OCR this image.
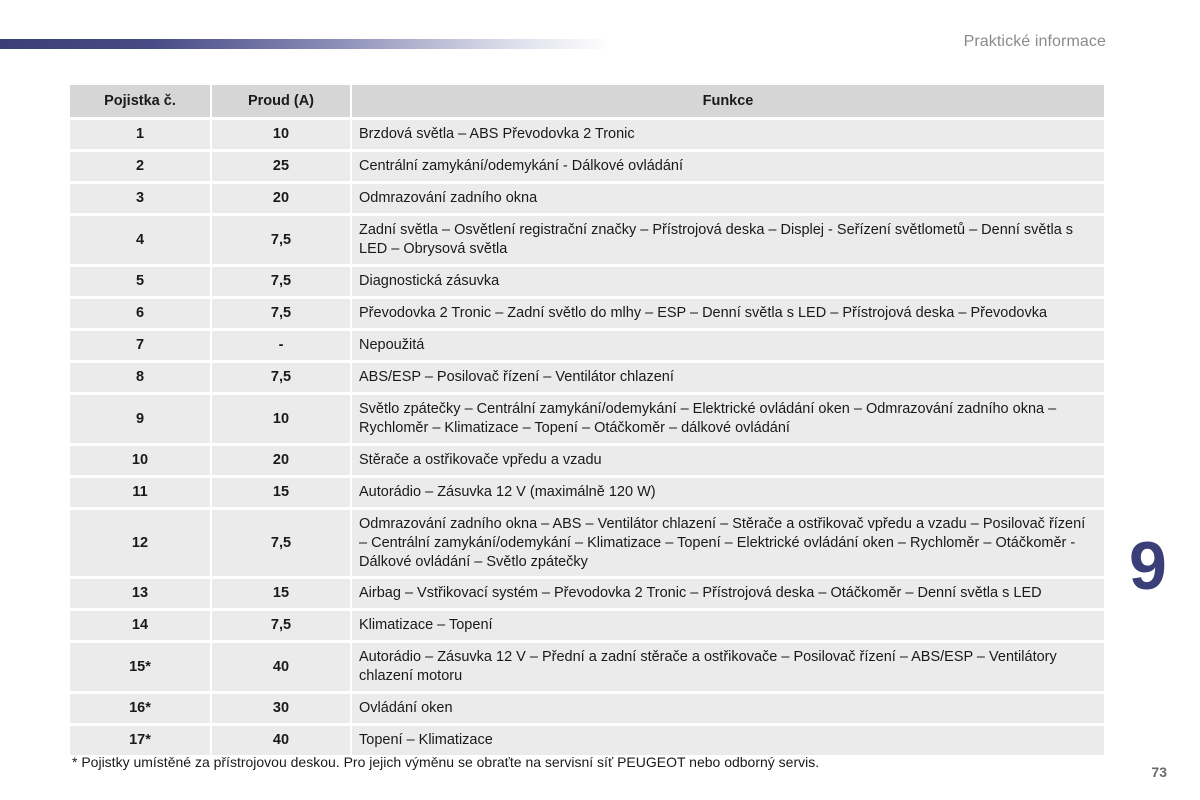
Praktické informace
Pojistka č.	Proud (A)	Funkce
1	10	Brzdová světla – ABS Převodovka 2 Tronic
2	25	Centrální zamykání/odemykání - Dálkové ovládání
3	20	Odmrazování zadního okna
4	7,5	Zadní světla – Osvětlení registrační značky – Přístrojová deska – Displej - Seřízení světlometů – Denní světla s LED – Obrysová světla
5	7,5	Diagnostická zásuvka
6	7,5	Převodovka 2 Tronic – Zadní světlo do mlhy – ESP – Denní světla s LED – Přístrojová deska – Převodovka
7	-	Nepoužitá
8	7,5	ABS/ESP – Posilovač řízení – Ventilátor chlazení
9	10	Světlo zpátečky – Centrální zamykání/odemykání – Elektrické ovládání oken – Odmrazování zadního okna – Rychloměr – Klimatizace – Topení – Otáčkoměr – dálkové ovládání
10	20	Stěrače a ostřikovače vpředu a vzadu
11	15	Autorádio – Zásuvka 12 V (maximálně 120 W)
12	7,5	Odmrazování zadního okna – ABS – Ventilátor chlazení – Stěrače a ostřikovač vpředu a vzadu – Posilovač řízení – Centrální zamykání/odemykání – Klimatizace – Topení – Elektrické ovládání oken – Rychloměr – Otáčkoměr - Dálkové ovládání – Světlo zpátečky
13	15	Airbag – Vstřikovací systém – Převodovka 2 Tronic – Přístrojová deska – Otáčkoměr – Denní světla s LED
14	7,5	Klimatizace – Topení
15*	40	Autorádio – Zásuvka 12 V – Přední a zadní stěrače a ostřikovače – Posilovač řízení – ABS/ESP – Ventilátory chlazení motoru
16*	30	Ovládání oken
17*	40	Topení – Klimatizace
* Pojistky umístěné za přístrojovou deskou. Pro jejich výměnu se obraťte na servisní síť PEUGEOT nebo odborný servis.
9
73
